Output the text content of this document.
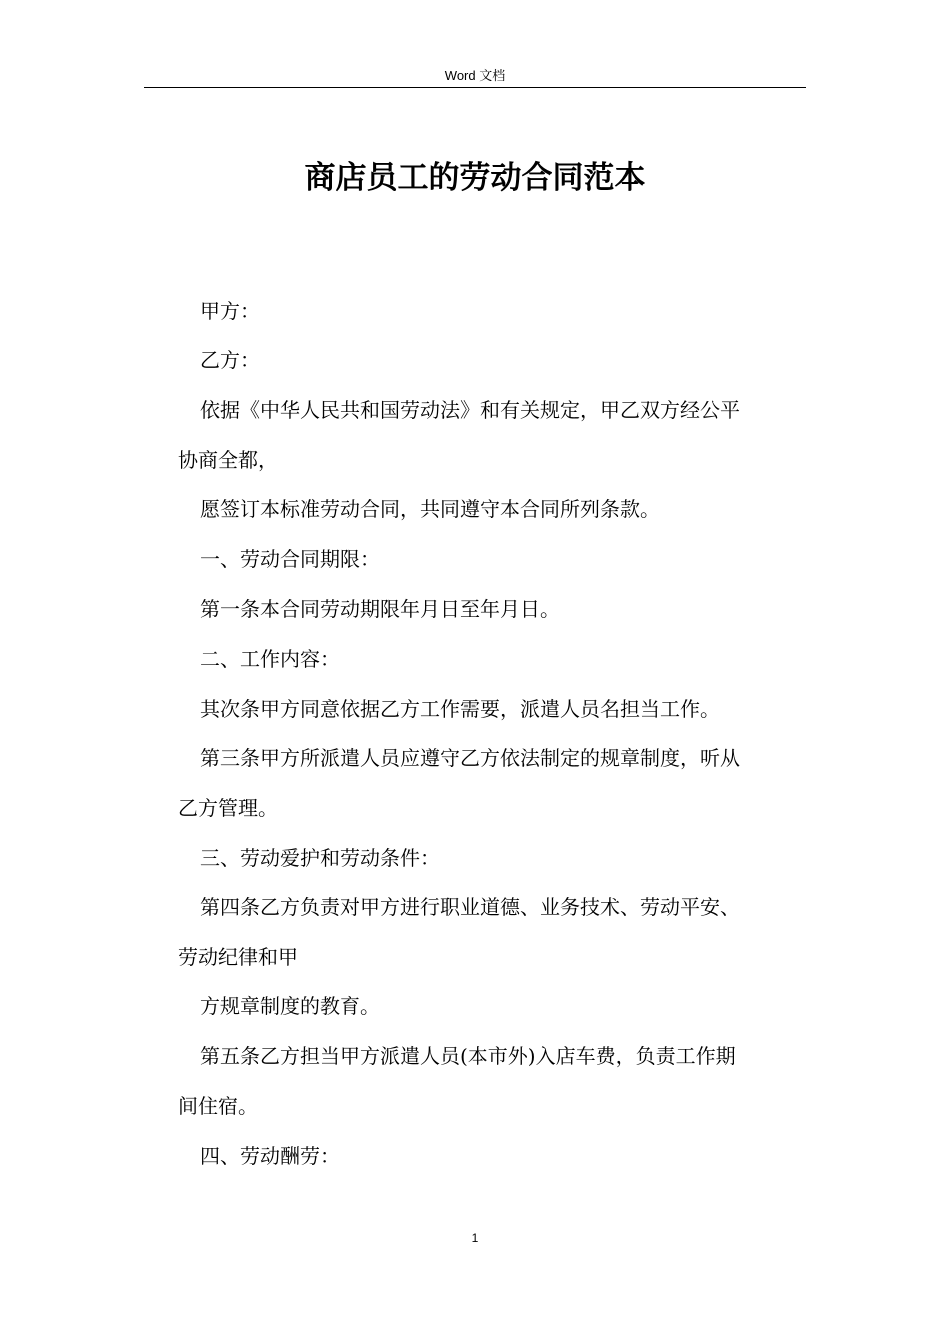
Word 文档
商店员工的劳动合同范本
甲方：
乙方：
依据《中华人民共和国劳动法》和有关规定，甲乙双方经公平
协商全都，
愿签订本标准劳动合同，共同遵守本合同所列条款。
一、劳动合同期限：
第一条本合同劳动期限年月日至年月日。
二、工作内容：
其次条甲方同意依据乙方工作需要，派遣人员名担当工作。
第三条甲方所派遣人员应遵守乙方依法制定的规章制度，听从
乙方管理。
三、劳动爱护和劳动条件：
第四条乙方负责对甲方进行职业道德、业务技术、劳动平安、
劳动纪律和甲
方规章制度的教育。
第五条乙方担当甲方派遣人员(本市外)入店车费，负责工作期
间住宿。
四、劳动酬劳：
1
